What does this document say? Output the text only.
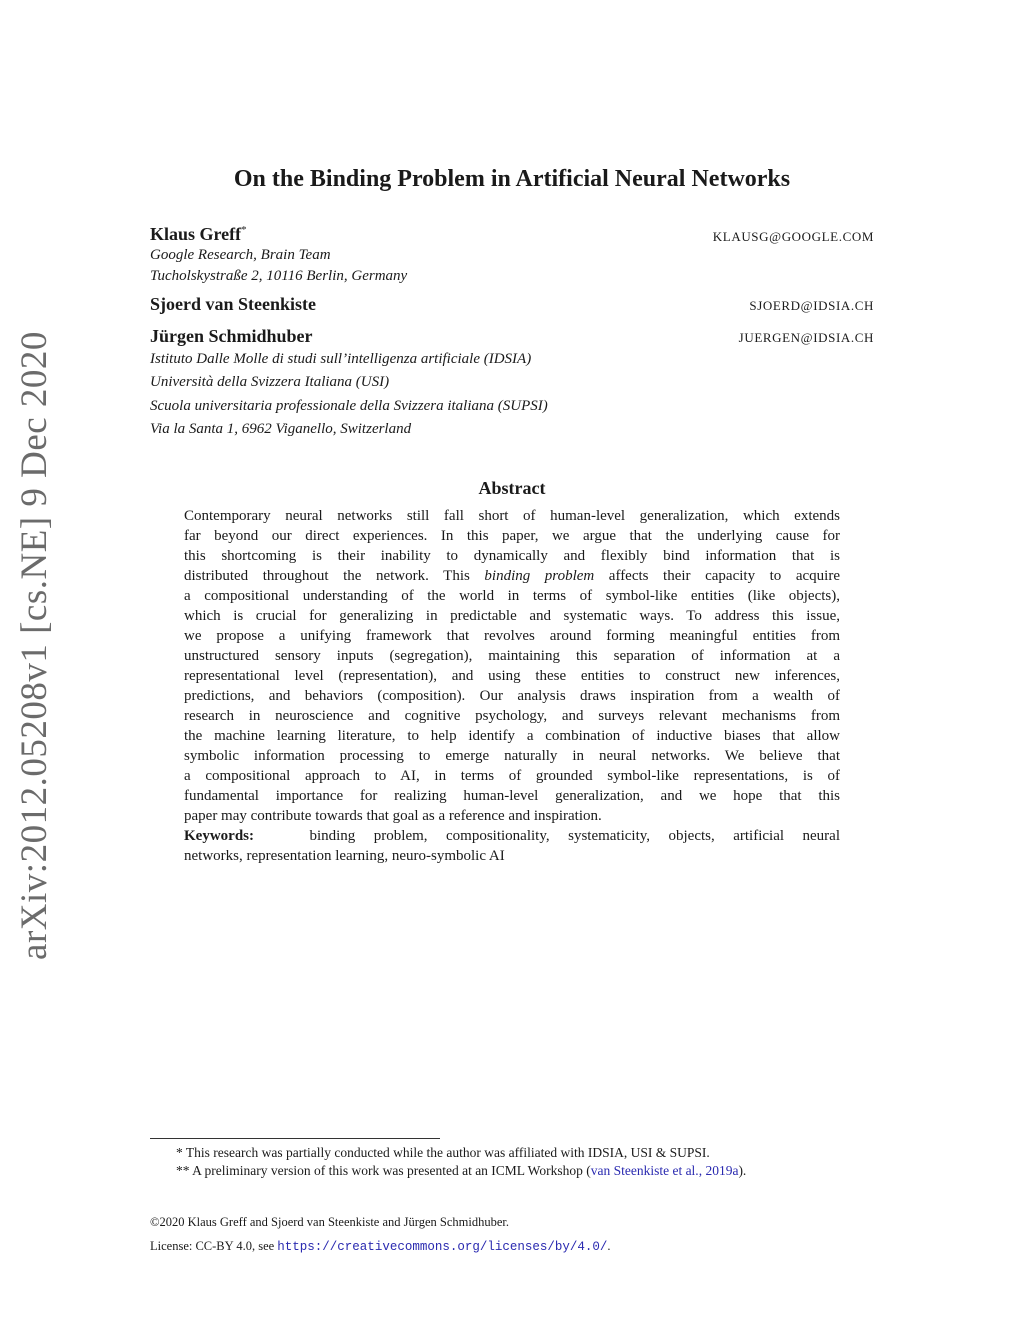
arXiv:2012.05208v1 [cs.NE] 9 Dec 2020
On the Binding Problem in Artificial Neural Networks
Klaus Greff*	KLAUSG@GOOGLE.COM
Google Research, Brain Team
Tucholskystraße 2, 10116 Berlin, Germany
Sjoerd van Steenkiste	SJOERD@IDSIA.CH
Jürgen Schmidhuber	JUERGEN@IDSIA.CH
Istituto Dalle Molle di studi sull’intelligenza artificiale (IDSIA)
Università della Svizzera Italiana (USI)
Scuola universitaria professionale della Svizzera italiana (SUPSI)
Via la Santa 1, 6962 Viganello, Switzerland
Abstract
Contemporary neural networks still fall short of human-level generalization, which extends
far beyond our direct experiences. In this paper, we argue that the underlying cause for
this shortcoming is their inability to dynamically and flexibly bind information that is
distributed throughout the network. This binding problem affects their capacity to acquire
a compositional understanding of the world in terms of symbol-like entities (like objects),
which is crucial for generalizing in predictable and systematic ways. To address this issue,
we propose a unifying framework that revolves around forming meaningful entities from
unstructured sensory inputs (segregation), maintaining this separation of information at a
representational level (representation), and using these entities to construct new inferences,
predictions, and behaviors (composition). Our analysis draws inspiration from a wealth of
research in neuroscience and cognitive psychology, and surveys relevant mechanisms from
the machine learning literature, to help identify a combination of inductive biases that allow
symbolic information processing to emerge naturally in neural networks. We believe that
a compositional approach to AI, in terms of grounded symbol-like representations, is of
fundamental importance for realizing human-level generalization, and we hope that this
paper may contribute towards that goal as a reference and inspiration.
Keywords:	binding problem, compositionality, systematicity, objects, artificial neural
networks, representation learning, neuro-symbolic AI
* This research was partially conducted while the author was affiliated with IDSIA, USI & SUPSI.
** A preliminary version of this work was presented at an ICML Workshop (van Steenkiste et al., 2019a).
©2020 Klaus Greff and Sjoerd van Steenkiste and Jürgen Schmidhuber.
License: CC-BY 4.0, see https://creativecommons.org/licenses/by/4.0/.
